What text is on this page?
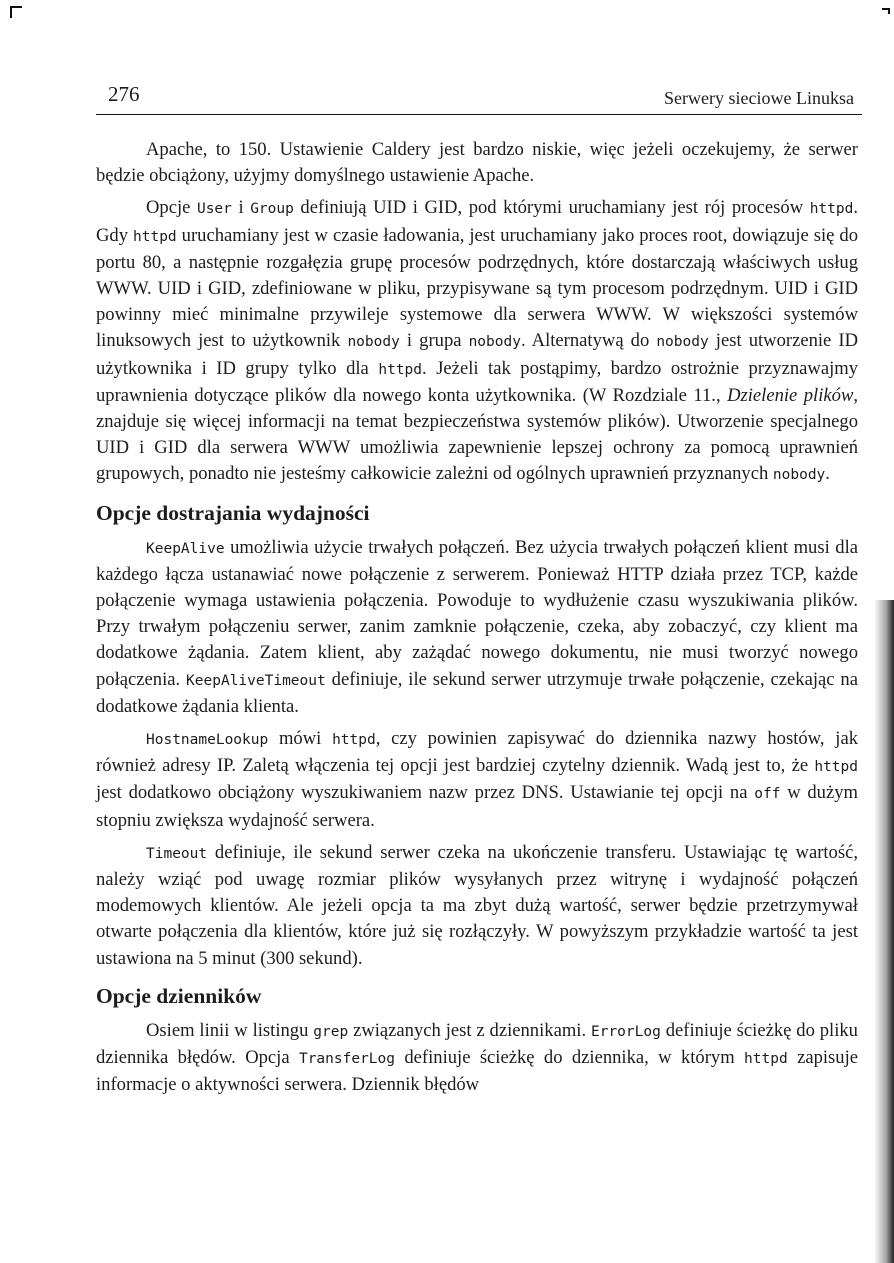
276	Serwery sieciowe Linuksa

Apache, to 150. Ustawienie Caldery jest bardzo niskie, więc jeżeli oczekujemy, że serwer będzie obciążony, użyjmy domyślnego ustawienie Apache.

Opcje User i Group definiują UID i GID, pod którymi uruchamiany jest rój procesów httpd. Gdy httpd uruchamiany jest w czasie ładowania, jest uruchamiany jako proces root, dowiązuje się do portu 80, a następnie rozgałęzia grupę procesów podrzędnych, które dostarczają właściwych usług WWW. UID i GID, zdefiniowane w pliku, przypisywane są tym procesom podrzędnym. UID i GID powinny mieć minimalne przywileje systemowe dla serwera WWW. W większości systemów linuksowych jest to użytkownik nobody i grupa nobody. Alternatywą do nobody jest utworzenie ID użytkownika i ID grupy tylko dla httpd. Jeżeli tak postąpimy, bardzo ostrożnie przyznawajmy uprawnienia dotyczące plików dla nowego konta użytkownika. (W Rozdziale 11., Dzielenie plików, znajduje się więcej informacji na temat bezpieczeństwa systemów plików). Utworzenie specjalnego UID i GID dla serwera WWW umożliwia zapewnienie lepszej ochrony za pomocą uprawnień grupowych, ponadto nie jesteśmy całkowicie zależni od ogólnych uprawnień przyznanych nobody.

Opcje dostrajania wydajności

KeepAlive umożliwia użycie trwałych połączeń. Bez użycia trwałych połączeń klient musi dla każdego łącza ustanawiać nowe połączenie z serwerem. Ponieważ HTTP działa przez TCP, każde połączenie wymaga ustawienia połączenia. Powoduje to wydłużenie czasu wyszukiwania plików. Przy trwałym połączeniu serwer, zanim zamknie połączenie, czeka, aby zobaczyć, czy klient ma dodatkowe żądania. Zatem klient, aby zażądać nowego dokumentu, nie musi tworzyć nowego połączenia. KeepAliveTimeout definiuje, ile sekund serwer utrzymuje trwałe połączenie, czekając na dodatkowe żądania klienta.

HostnameLookup mówi httpd, czy powinien zapisywać do dziennika nazwy hostów, jak również adresy IP. Zaletą włączenia tej opcji jest bardziej czytelny dziennik. Wadą jest to, że httpd jest dodatkowo obciążony wyszukiwaniem nazw przez DNS. Ustawianie tej opcji na off w dużym stopniu zwiększa wydajność serwera.

Timeout definiuje, ile sekund serwer czeka na ukończenie transferu. Ustawiając tę wartość, należy wziąć pod uwagę rozmiar plików wysyłanych przez witrynę i wydajność połączeń modemowych klientów. Ale jeżeli opcja ta ma zbyt dużą wartość, serwer będzie przetrzymywał otwarte połączenia dla klientów, które już się rozłączyły. W powyższym przykładzie wartość ta jest ustawiona na 5 minut (300 sekund).

Opcje dzienników

Osiem linii w listingu grep związanych jest z dziennikami. ErrorLog definiuje ścieżkę do pliku dziennika błędów. Opcja TransferLog definiuje ścieżkę do dziennika, w którym httpd zapisuje informacje o aktywności serwera. Dziennik błędów
